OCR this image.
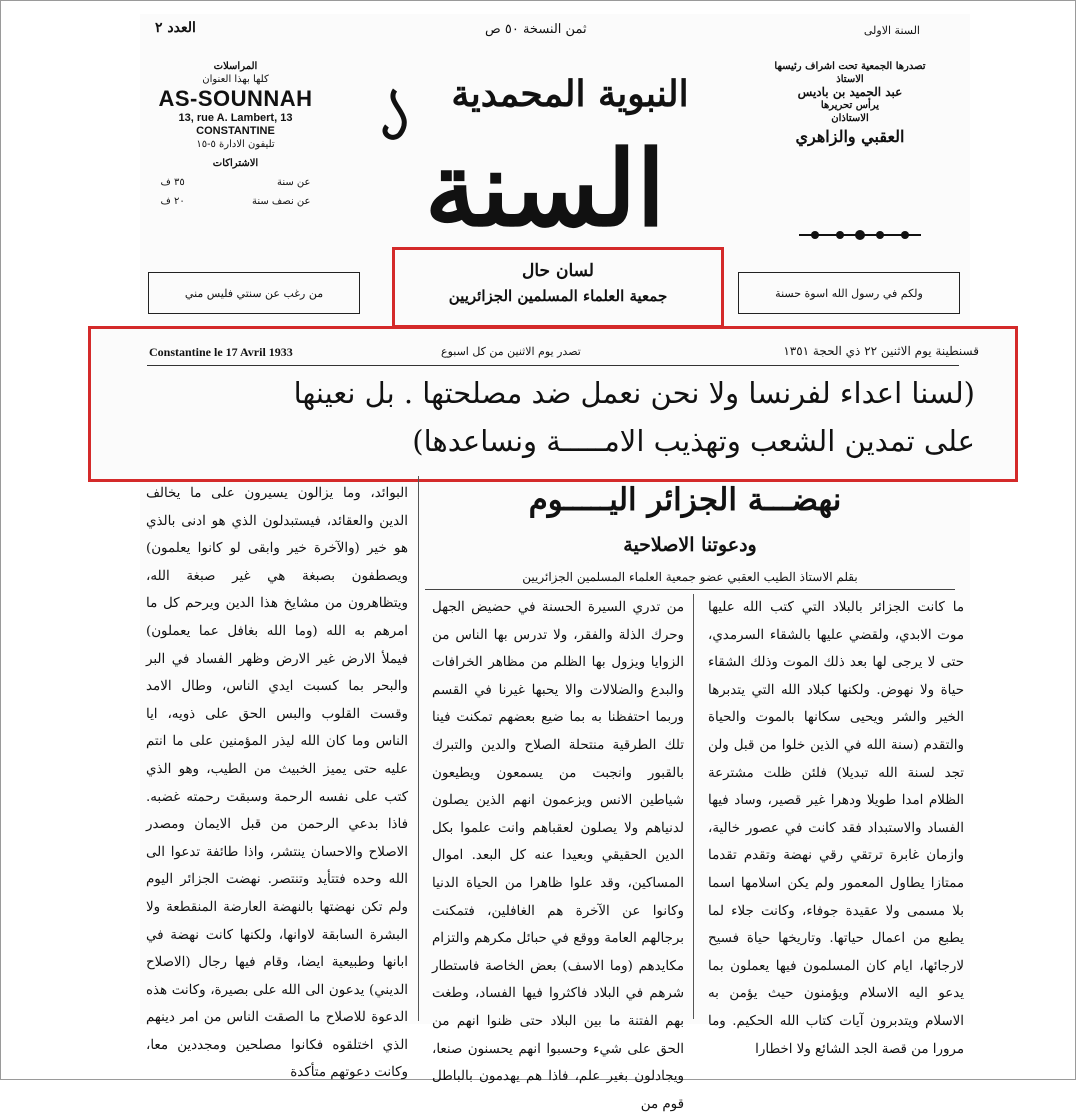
السنة الاولى
ثمن النسخة ٥٠ ص
العدد ٢
السنة
النبوية المحمدية
تصدرها الجمعية تحت اشراف رئيسها
الاستاذ
عبد الحميد بن باديس
يرأس تحريرها
الاستاذان
العقبي والزاهري
المراسلات
كلها بهذا العنوان
AS-SOUNNAH
13, rue A. Lambert, 13
CONSTANTINE
تليفون الادارة ٥-١٥
الاشتراكات
عن سنة
٣٥ ف
عن نصف سنة
٢٠ ف
من رغب عن سنتي فليس مني	ولكم في رسول الله اسوة حسنة
لسان حال
جمعية العلماء المسلمين الجزائريين
Constantine le 17 Avril 1933	تصدر يوم الاثنين من كل اسبوع	قسنطينة يوم الاثنين ٢٢ ذي الحجة ١٣٥١
(لسنا اعداء لفرنسا ولا نحن نعمل ضد مصلحتها . بل نعينها
على تمدين الشعب وتهذيب الامـــــة ونساعدها)
نهضـــة الجزائر اليـــــوم
ودعوتنا الاصلاحية
بقلم الاستاذ الطيب العقبي عضو جمعية العلماء المسلمين الجزائريين

ما كانت الجزائر بالبلاد التي كتب الله عليها موت الابدي، ولقضي عليها بالشقاء السرمدي، حتى لا يرجى لها بعد ذلك الموت وذلك الشقاء حياة ولا نهوض. ولكنها كبلاد الله التي يتدبرها الخير والشر ويحيى سكانها بالموت والحياة والتقدم (سنة الله في الذين خلوا من قبل ولن تجد لسنة الله تبديلا) فلئن ظلت مشترعة الظلام امدا طويلا ودهرا غير قصير، وساد فيها الفساد والاستبداد فقد كانت في عصور خالية، وازمان غابرة ترتقي رقي نهضة وتقدم تقدما ممتازا يطاول المعمور ولم يكن اسلامها اسما بلا مسمى ولا عقيدة جوفاء، وكانت جلاء لما يطبع من اعمال حياتها. وتاريخها حياة فسيح لارجائها، ايام كان المسلمون فيها يعملون بما يدعو اليه الاسلام ويؤمنون حيث يؤمن به الاسلام ويتدبرون آيات كتاب الله الحكيم. وما مرورا من قصة الجد الشائع ولا اخطارا

من تدري السيرة الحسنة في حضيض الجهل وحرك الذلة والفقر، ولا تدرس بها الناس من الزوايا ويزول بها الظلم من مظاهر الخرافات والبدع والضلالات والا يحبها غيرنا في القسم وربما احتفظنا به بما ضيع بعضهم تمكنت فينا تلك الطرقية منتحلة الصلاح والدين والتبرك بالقبور وانجبت من يسمعون ويطيعون شياطين الانس ويزعمون انهم الذين يصلون لدنياهم ولا يصلون لعقباهم وانت علموا بكل الدين الحقيقي وبعيدا عنه كل البعد. اموال المساكين، وقد علوا ظاهرا من الحياة الدنيا وكانوا عن الآخرة هم الغافلين، فتمكنت برجالهم العامة ووقع في حبائل مكرهم والتزام مكايدهم (وما الاسف) بعض الخاصة فاستطار شرهم في البلاد فاكثروا فيها الفساد، وطغت بهم الفتنة ما بين البلاد حتى ظنوا انهم من الحق على شيء وحسبوا انهم يحسنون صنعا، ويجادلون بغير علم، فاذا هم يهدمون بالباطل قوم من

البوائد، وما يزالون يسيرون على ما يخالف الدين والعقائد، فيستبدلون الذي هو ادنى بالذي هو خير (والآخرة خير وابقى لو كانوا يعلمون) ويصطفون بصبغة هي غير صبغة الله، ويتظاهرون من مشايخ هذا الدين ويرحم كل ما امرهم به الله (وما الله بغافل عما يعملون) فيملأ الارض غير الارض وظهر الفساد في البر والبحر بما كسبت ايدي الناس، وطال الامد وقست القلوب والبس الحق على ذويه، ايا الناس وما كان الله ليذر المؤمنين على ما انتم عليه حتى يميز الخبيث من الطيب، وهو الذي كتب على نفسه الرحمة وسبقت رحمته غضبه. فاذا بدعي الرحمن من قبل الايمان ومصدر الاصلاح والاحسان ينتشر، واذا طائفة تدعوا الى الله وحده فتتأيد وتنتصر. نهضت الجزائر اليوم ولم تكن نهضتها بالنهضة العارضة المنقطعة ولا البشرة السابقة لاوانها، ولكنها كانت نهضة في ابانها وطبيعية ايضا، وقام فيها رجال (الاصلاح الديني) يدعون الى الله على بصيرة، وكانت هذه الدعوة للاصلاح ما الصقت الناس من امر دينهم الذي اختلقوه فكانوا مصلحين ومجددين معا، وكانت دعوتهم متأكدة
